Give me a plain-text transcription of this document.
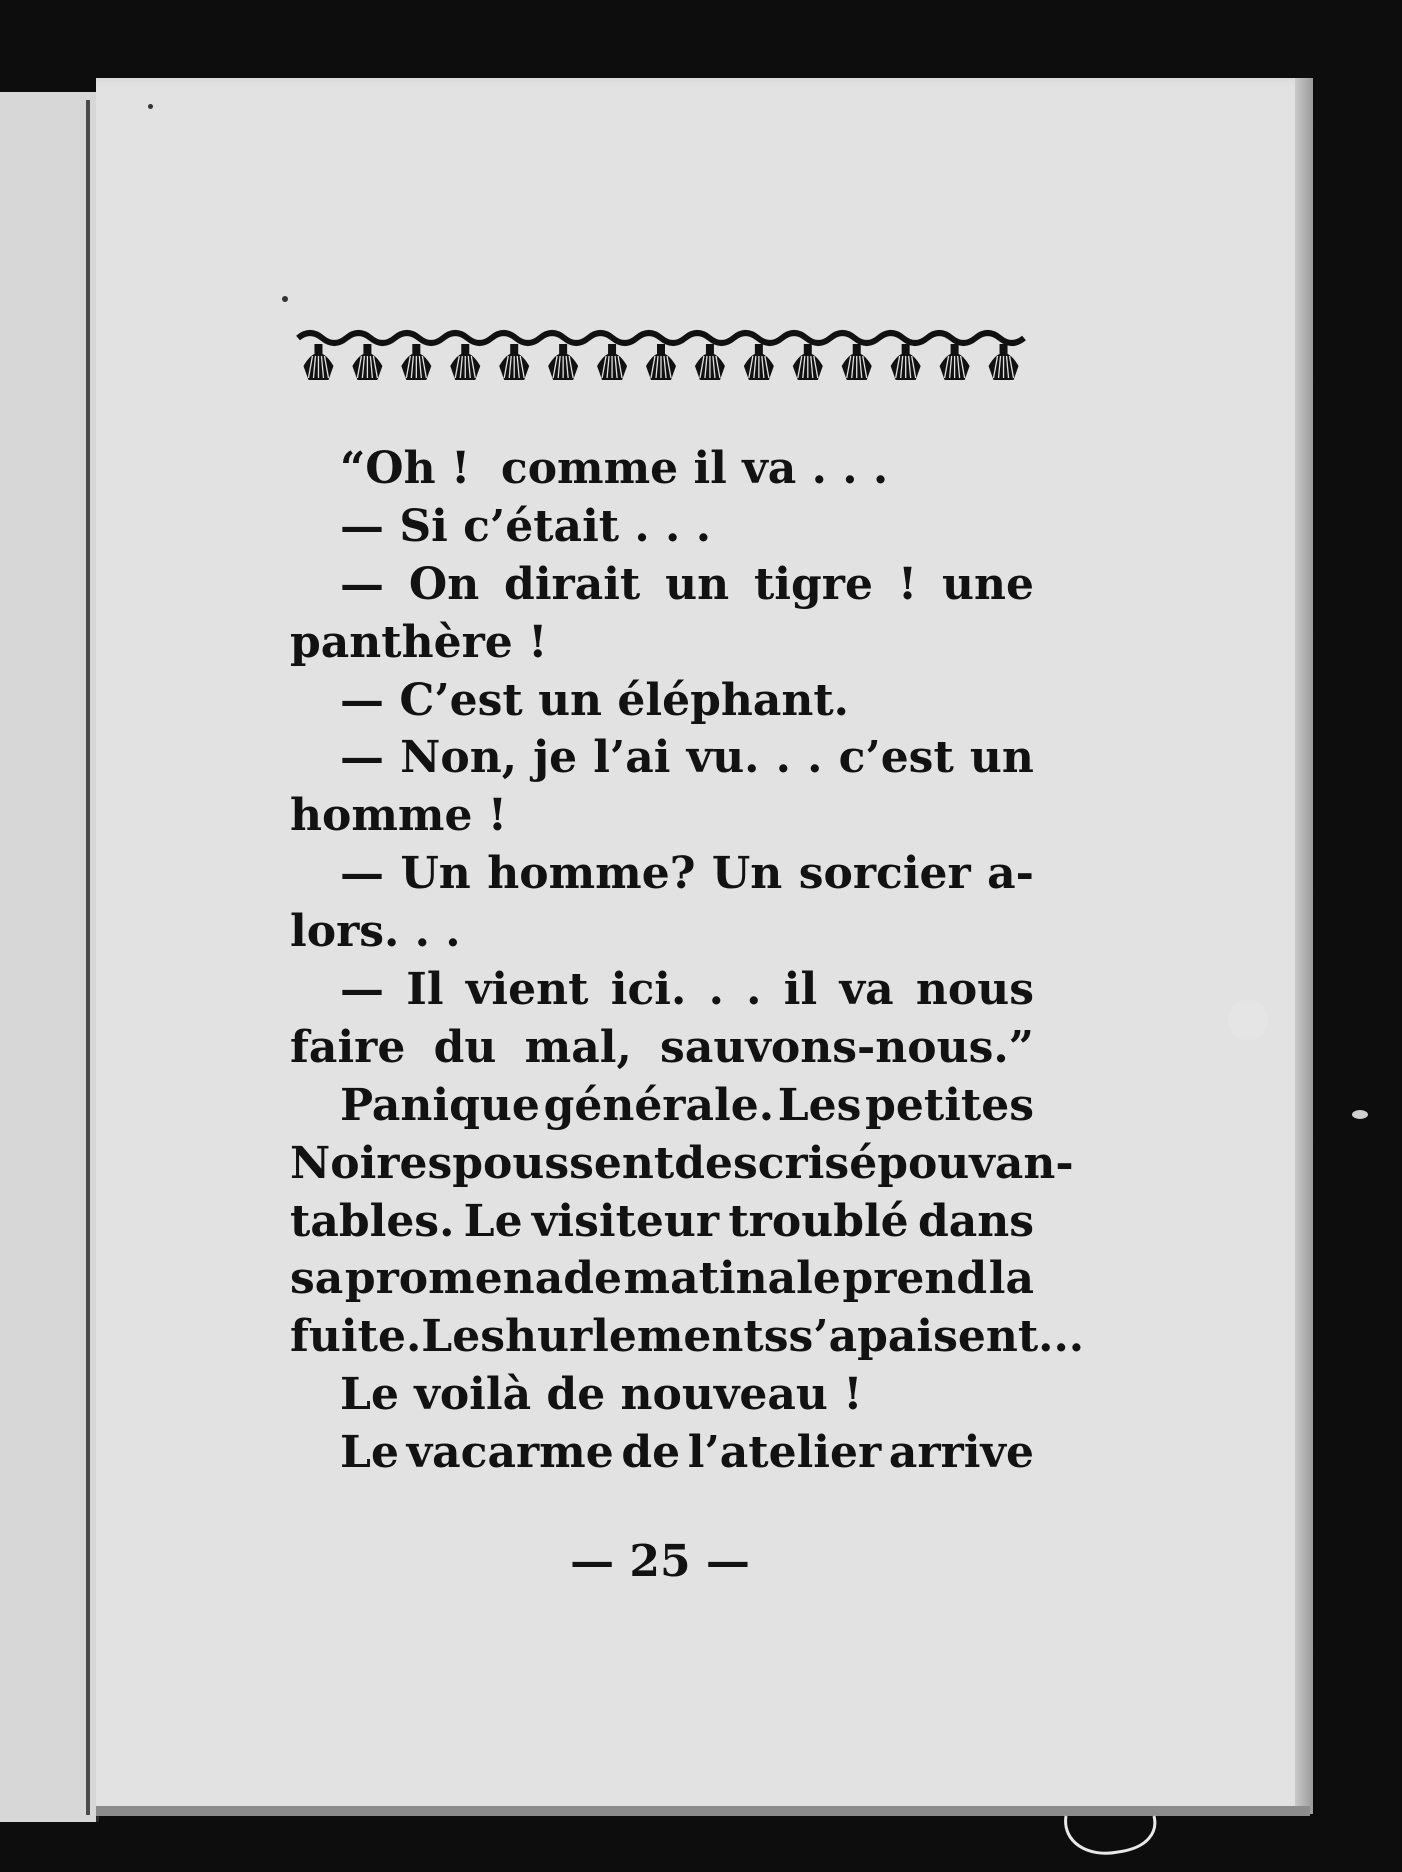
“Oh !  comme il va . . .
— Si c’était . . .
— On dirait un tigre ! une
panthère !
— C’est un éléphant.
— Non, je l’ai vu. . . c’est un
homme !
— Un homme? Un sorcier a-
lors. . .
— Il vient ici. . . il va nous
faire du mal, sauvons-nous.”
Panique générale. Les petites
Noires poussent des cris épouvan-
tables. Le visiteur troublé dans
sa promenade matinale prend la
fuite. Les hurlements s’apaisent...
Le voilà de nouveau !
Le vacarme de l’atelier arrive
— 25 —
